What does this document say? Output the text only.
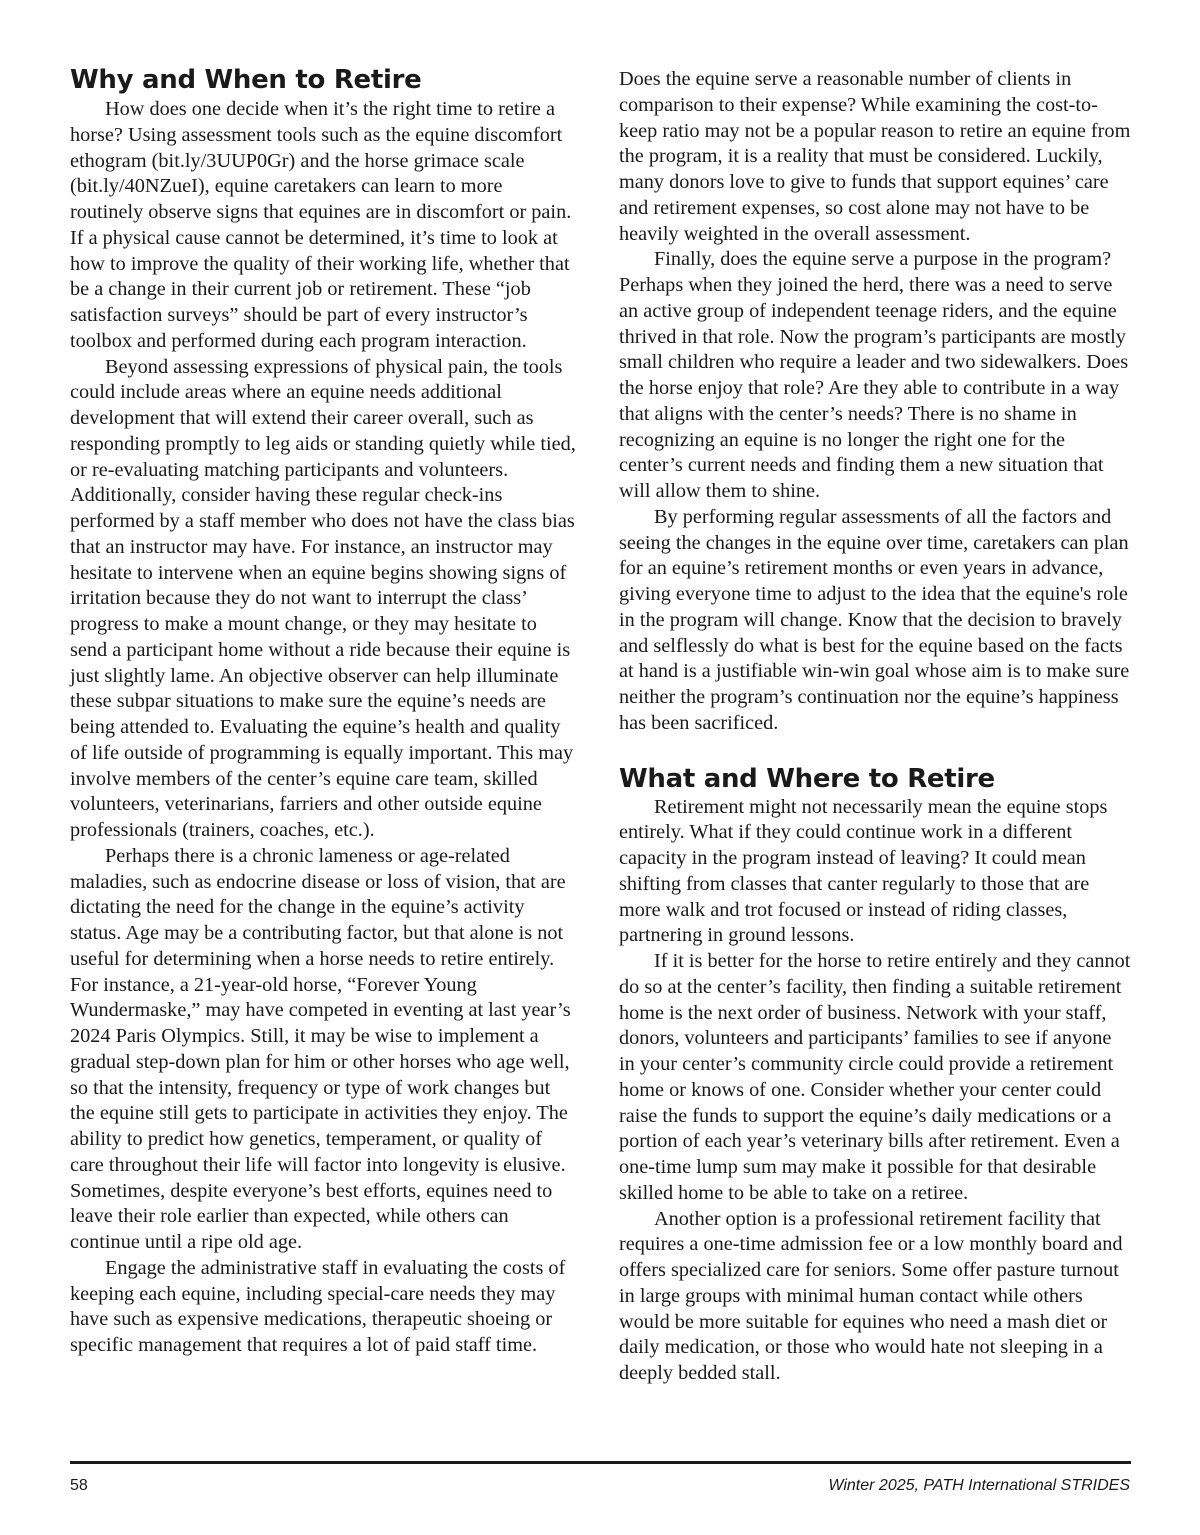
Why and When to Retire

How does one decide when it’s the right time to retire a horse? Using assessment tools such as the equine discomfort ethogram (bit.ly/3UUP0Gr) and the horse grimace scale (bit.ly/40NZueI), equine caretakers can learn to more routinely observe signs that equines are in discomfort or pain. If a physical cause cannot be determined, it’s time to look at how to improve the quality of their working life, whether that be a change in their current job or retirement. These “job satisfaction surveys” should be part of every instructor’s toolbox and performed during each program interaction.

Beyond assessing expressions of physical pain, the tools could include areas where an equine needs additional development that will extend their career overall, such as responding promptly to leg aids or standing quietly while tied, or re-evaluating matching participants and volunteers. Additionally, consider having these regular check-ins performed by a staff member who does not have the class bias that an instructor may have. For instance, an instructor may hesitate to intervene when an equine begins showing signs of irritation because they do not want to interrupt the class’ progress to make a mount change, or they may hesitate to send a participant home without a ride because their equine is just slightly lame. An objective observer can help illuminate these subpar situations to make sure the equine’s needs are being attended to. Evaluating the equine’s health and quality of life outside of programming is equally important. This may involve members of the center’s equine care team, skilled volunteers, veterinarians, farriers and other outside equine professionals (trainers, coaches, etc.).

Perhaps there is a chronic lameness or age-related maladies, such as endocrine disease or loss of vision, that are dictating the need for the change in the equine’s activity status. Age may be a contributing factor, but that alone is not useful for determining when a horse needs to retire entirely. For instance, a 21-year-old horse, “Forever Young Wundermaske,” may have competed in eventing at last year’s 2024 Paris Olympics. Still, it may be wise to implement a gradual step-down plan for him or other horses who age well, so that the intensity, frequency or type of work changes but the equine still gets to participate in activities they enjoy. The ability to predict how genetics, temperament, or quality of care throughout their life will factor into longevity is elusive. Sometimes, despite everyone’s best efforts, equines need to leave their role earlier than expected, while others can continue until a ripe old age.

Engage the administrative staff in evaluating the costs of keeping each equine, including special-care needs they may have such as expensive medications, therapeutic shoeing or specific management that requires a lot of paid staff time.

Does the equine serve a reasonable number of clients in comparison to their expense? While examining the cost-to-keep ratio may not be a popular reason to retire an equine from the program, it is a reality that must be considered. Luckily, many donors love to give to funds that support equines’ care and retirement expenses, so cost alone may not have to be heavily weighted in the overall assessment.

Finally, does the equine serve a purpose in the program? Perhaps when they joined the herd, there was a need to serve an active group of independent teenage riders, and the equine thrived in that role. Now the program’s participants are mostly small children who require a leader and two sidewalkers. Does the horse enjoy that role? Are they able to contribute in a way that aligns with the center’s needs? There is no shame in recognizing an equine is no longer the right one for the center’s current needs and finding them a new situation that will allow them to shine.

By performing regular assessments of all the factors and seeing the changes in the equine over time, caretakers can plan for an equine’s retirement months or even years in advance, giving everyone time to adjust to the idea that the equine's role in the program will change. Know that the decision to bravely and selflessly do what is best for the equine based on the facts at hand is a justifiable win-win goal whose aim is to make sure neither the program’s continuation nor the equine’s happiness has been sacrificed.

What and Where to Retire

Retirement might not necessarily mean the equine stops entirely. What if they could continue work in a different capacity in the program instead of leaving? It could mean shifting from classes that canter regularly to those that are more walk and trot focused or instead of riding classes, partnering in ground lessons.

If it is better for the horse to retire entirely and they cannot do so at the center’s facility, then finding a suitable retirement home is the next order of business. Network with your staff, donors, volunteers and participants’ families to see if anyone in your center’s community circle could provide a retirement home or knows of one. Consider whether your center could raise the funds to support the equine’s daily medications or a portion of each year’s veterinary bills after retirement. Even a one-time lump sum may make it possible for that desirable skilled home to be able to take on a retiree.

Another option is a professional retirement facility that requires a one-time admission fee or a low monthly board and offers specialized care for seniors. Some offer pasture turnout in large groups with minimal human contact while others would be more suitable for equines who need a mash diet or daily medication, or those who would hate not sleeping in a deeply bedded stall.

58	Winter 2025, PATH International STRIDES
